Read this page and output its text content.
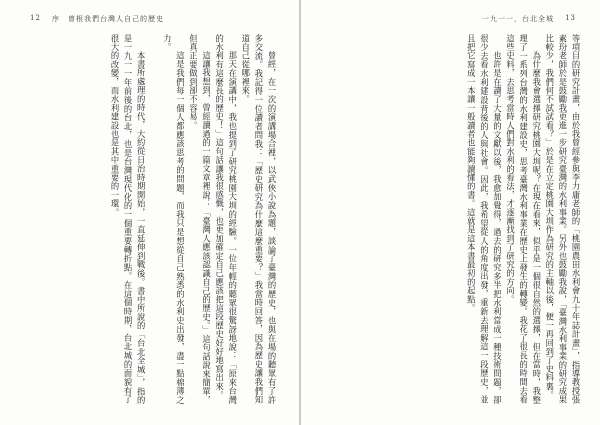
12 序　曾根我們台灣人自己的歷史

曾經，在一次的演講場合裡，以武俠小說為題，談論了臺灣的歷史，也與在場的聽眾有了許多交流。我記得一位讀者問我：「歷史研究為什麼這麼重要？」我當時回答，因為歷史讓我們知道自己從哪裡來。

那天在演講中，我也提到了研究桃園大圳的經驗。一位年輕的聽眾很驚訝地說：「原來台灣的水利有這麼長的歷史！」這句話讓我很感慨，也更加確定自己應該把這段歷史好好地寫出來。

這讓我想到，曾經讀過的一篇文章裡說：「臺灣人應該認識自己的歷史。」這句話說來簡單，但真正要做到卻不容易。

這是我們每一個人都應該思考的問題，而我只是想從自己熟悉的水利史出發，盡一點棉薄之力。

本書所處理的時代，大約從日治時期開始，一直延伸到戰後。書中所說的「台北全城」，指的是一九一一年前後的台北，也是台灣現代化的一個重要轉折點。在這個時期，台北城的面貌有了很大的改變，而水利建設也是其中重要的一環。

一九一一，台北全城 13

等項目的研究計畫，由於我曾經參與李力庸老師的「桃園農田水利會九十年誌計畫」，指導教授張素玢老師於是鼓勵我更進一步研究臺灣的水利事業。另外也鼓勵我說，「臺灣水利事業的研究成果比較少，我們何不試試看？」於是在立定桃園大圳作為研究的主軸以後，便一再回到了史料裏。

為什麼我會選擇研究桃園大圳呢？在現在看來，似乎是一個很自然的選擇，但在當時，我整理了一系列台灣的水利建設史，思考臺灣水利事業在歷史上發生的轉變。我花了很長的時間去看這些史料，去思考當時人們對水利的看法，才逐漸找到了研究的方向。

也許是在讀了大量的文獻以後，我愈加覺得，過去的研究多半把水利當成一種技術問題，卻很少去看水利建設背後的人與社會。因此，我希望從人的角度出發，重新去理解這一段歷史，並且把它寫成一本讓一般讀者也能夠讀懂的書。這就是這本書最初的起點。
